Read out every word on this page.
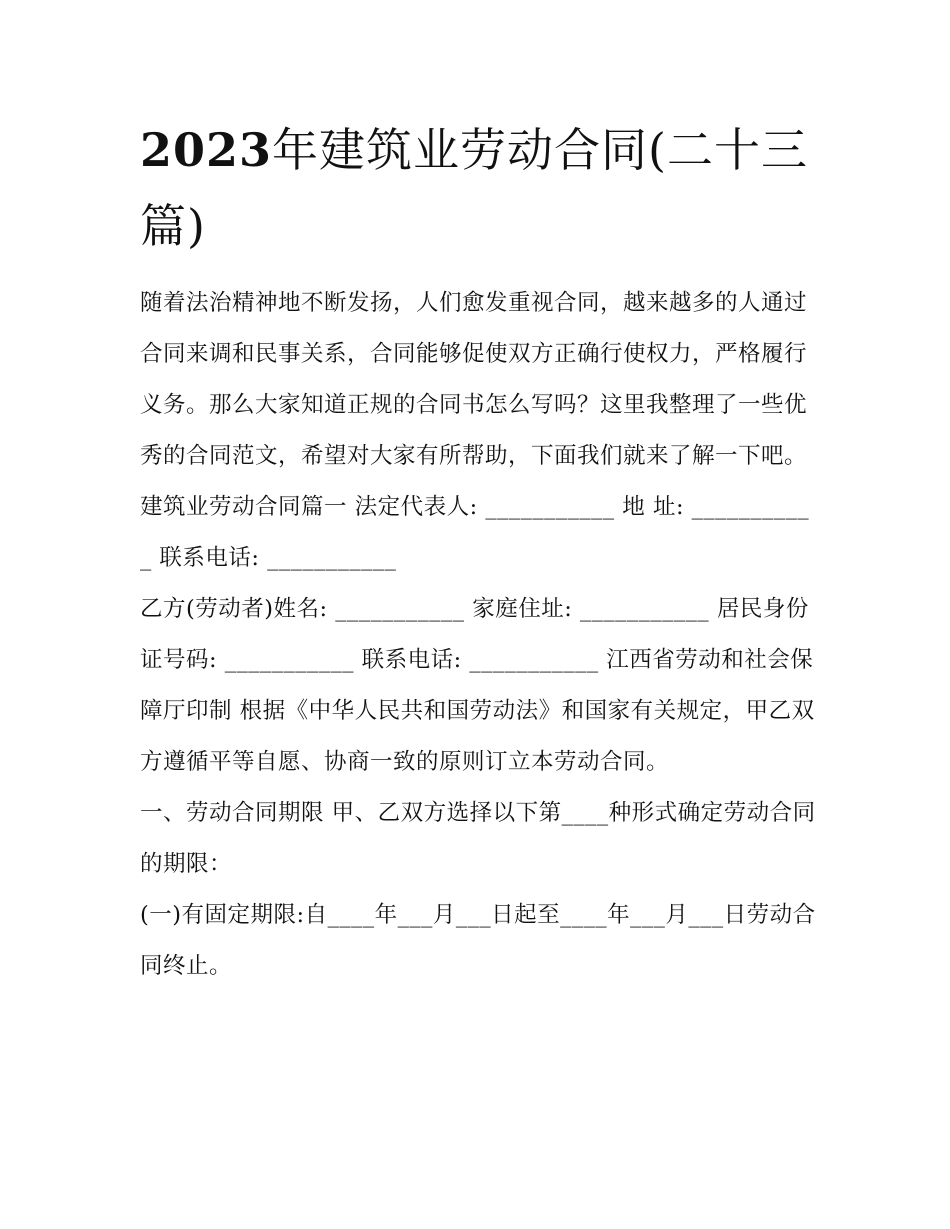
2023年建筑业劳动合同(二十三篇)

随着法治精神地不断发扬，人们愈发重视合同，越来越多的人通过合同来调和民事关系，合同能够促使双方正确行使权力，严格履行义务。那么大家知道正规的合同书怎么写吗？这里我整理了一些优秀的合同范文，希望对大家有所帮助，下面我们就来了解一下吧。

建筑业劳动合同篇一 法定代表人: ___________ 地 址: ___________ 联系电话: ___________

乙方(劳动者)姓名: ___________ 家庭住址: ___________ 居民身份证号码: ___________ 联系电话: ___________ 江西省劳动和社会保障厅印制 根据《中华人民共和国劳动法》和国家有关规定，甲乙双方遵循平等自愿、协商一致的原则订立本劳动合同。

一、劳动合同期限 甲、乙双方选择以下第____种形式确定劳动合同的期限：

(一)有固定期限:自____年___月___日起至____年___月___日劳动合同终止。
